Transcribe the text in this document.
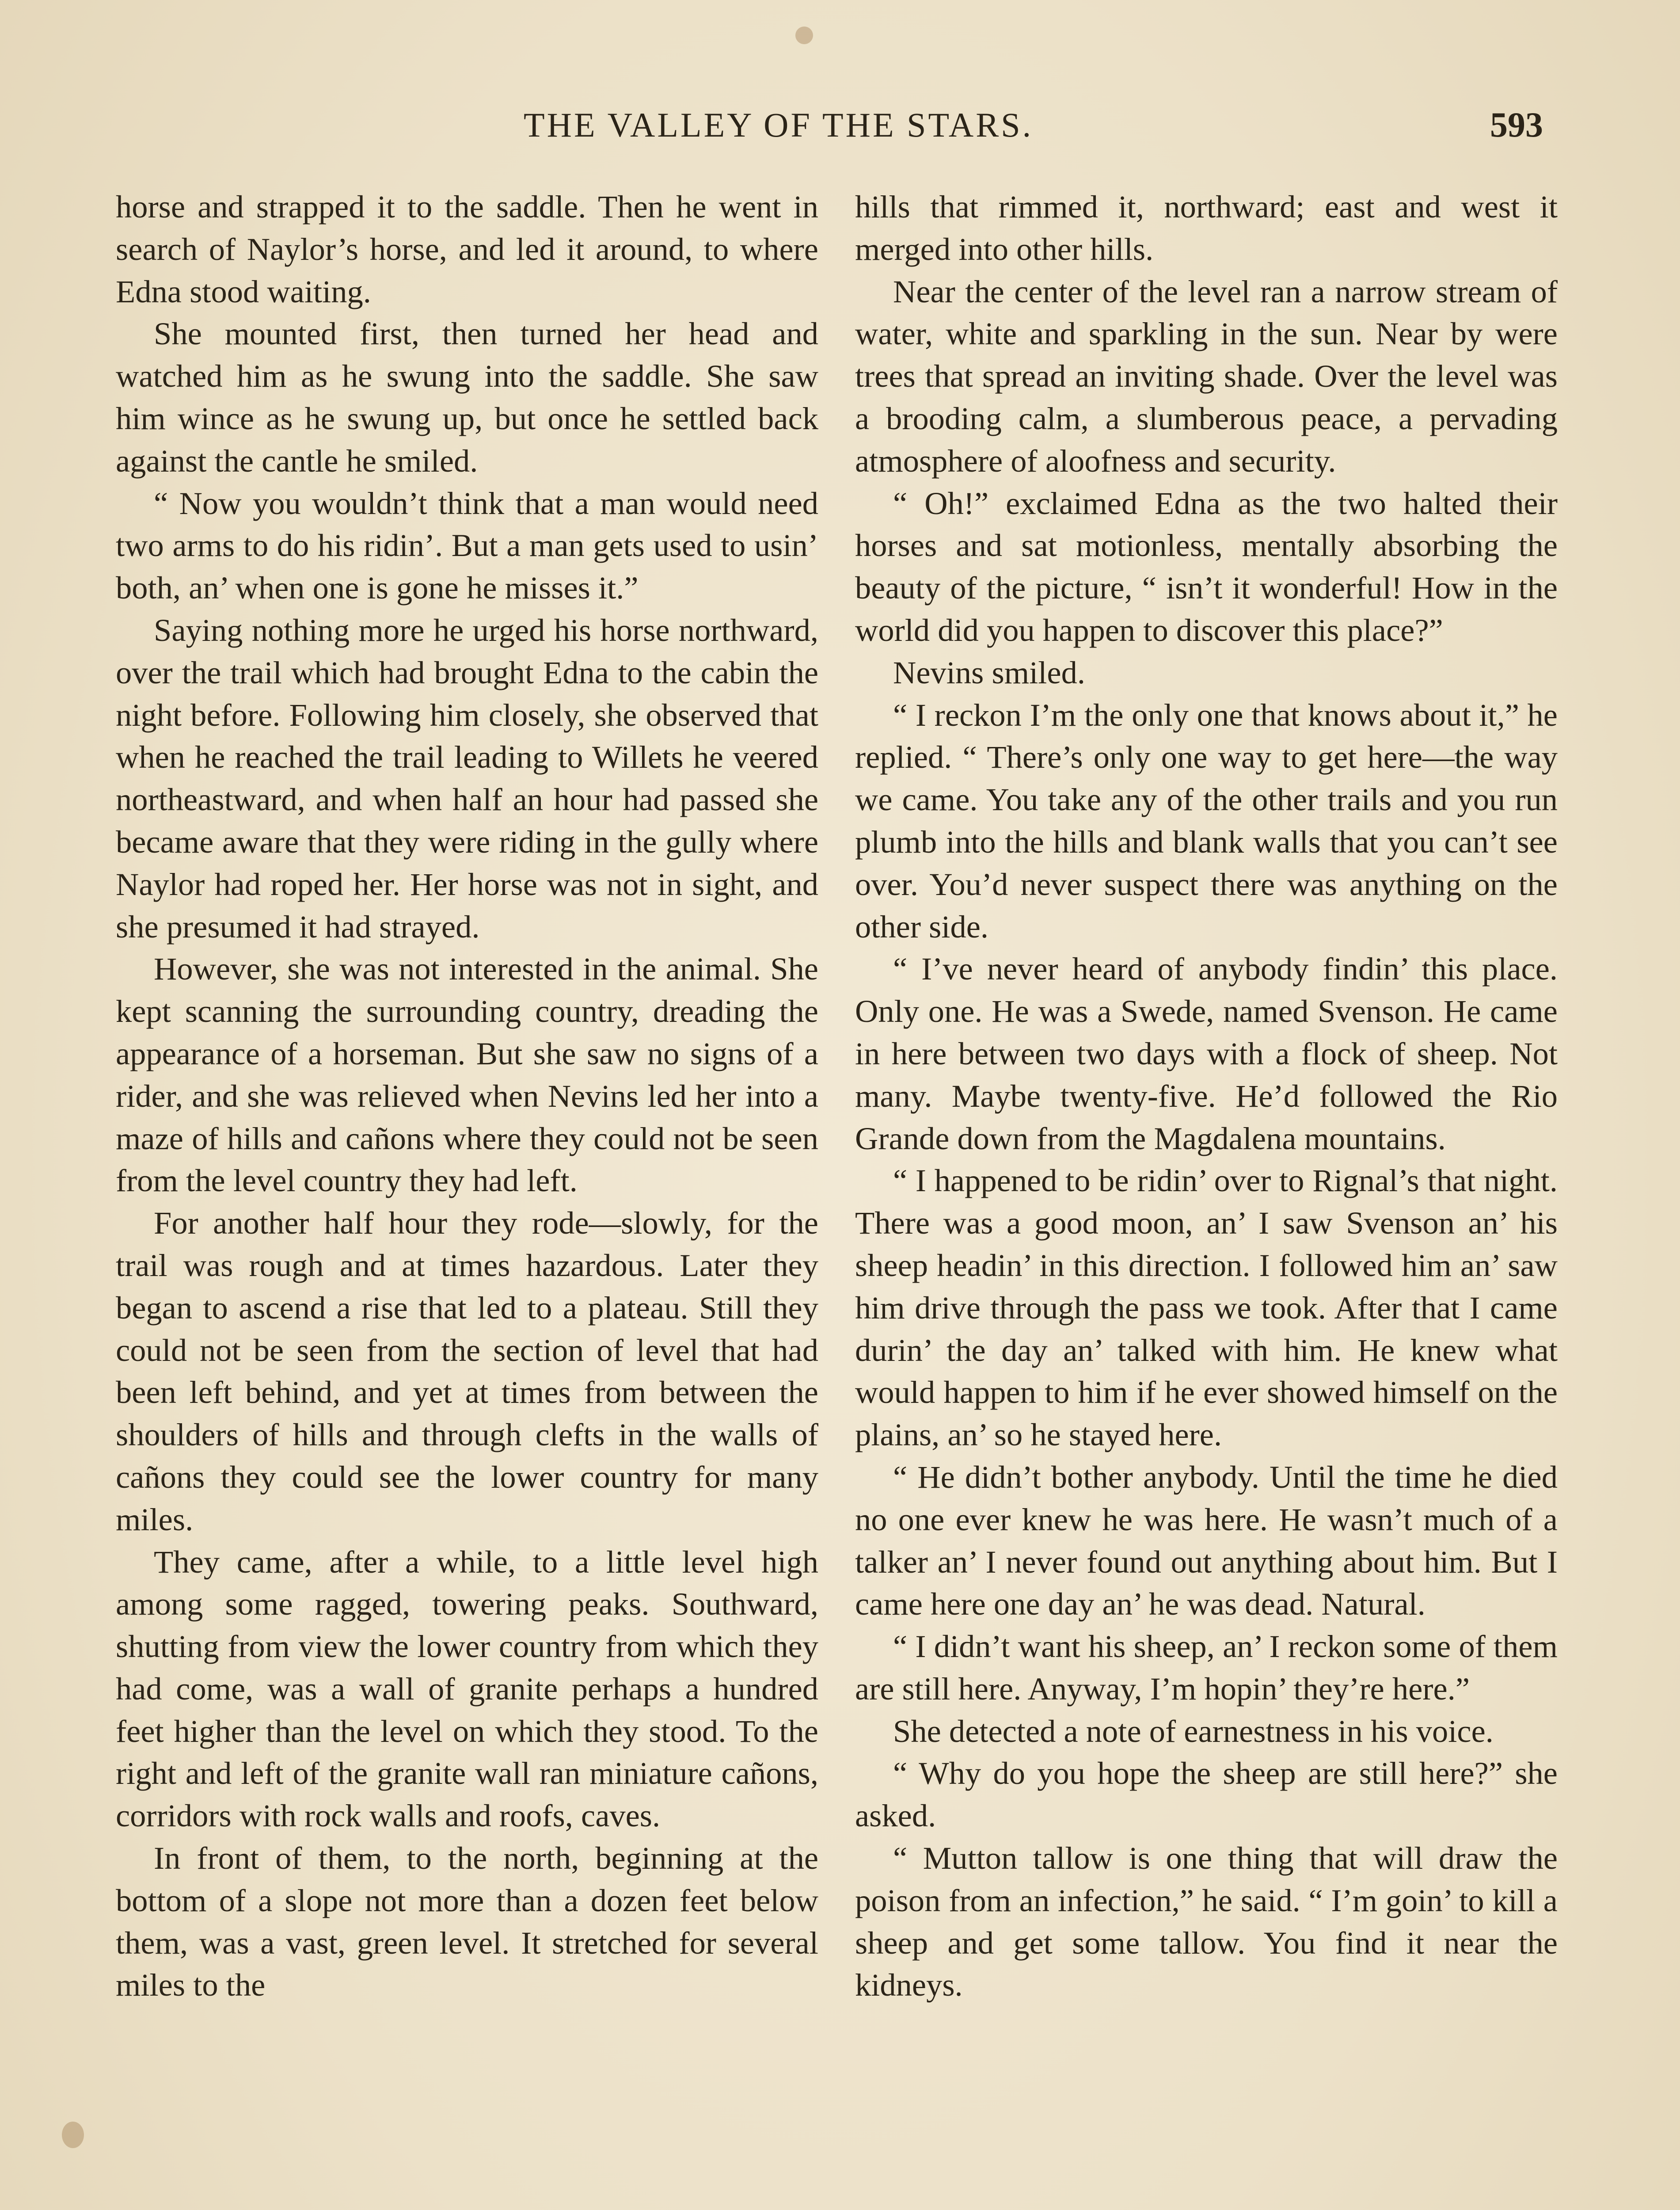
THE VALLEY OF THE STARS.	593

horse and strapped it to the saddle. Then he went in search of Naylor’s horse, and led it around, to where Edna stood waiting.

She mounted first, then turned her head and watched him as he swung into the saddle. She saw him wince as he swung up, but once he settled back against the cantle he smiled.

“ Now you wouldn’t think that a man would need two arms to do his ridin’. But a man gets used to usin’ both, an’ when one is gone he misses it.”

Saying nothing more he urged his horse northward, over the trail which had brought Edna to the cabin the night before. Following him closely, she observed that when he reached the trail leading to Willets he veered northeastward, and when half an hour had passed she became aware that they were riding in the gully where Naylor had roped her. Her horse was not in sight, and she presumed it had strayed.

However, she was not interested in the animal. She kept scanning the surrounding country, dreading the appearance of a horseman. But she saw no signs of a rider, and she was relieved when Nevins led her into a maze of hills and cañons where they could not be seen from the level country they had left.

For another half hour they rode—slowly, for the trail was rough and at times hazardous. Later they began to ascend a rise that led to a plateau. Still they could not be seen from the section of level that had been left behind, and yet at times from between the shoulders of hills and through clefts in the walls of cañons they could see the lower country for many miles.

They came, after a while, to a little level high among some ragged, towering peaks. Southward, shutting from view the lower country from which they had come, was a wall of granite perhaps a hundred feet higher than the level on which they stood. To the right and left of the granite wall ran miniature cañons, corridors with rock walls and roofs, caves.

In front of them, to the north, beginning at the bottom of a slope not more than a dozen feet below them, was a vast, green level. It stretched for several miles to the

hills that rimmed it, northward; east and west it merged into other hills.

Near the center of the level ran a narrow stream of water, white and sparkling in the sun. Near by were trees that spread an inviting shade. Over the level was a brooding calm, a slumberous peace, a pervading atmosphere of aloofness and security.

“ Oh!” exclaimed Edna as the two halted their horses and sat motionless, mentally absorbing the beauty of the picture, “ isn’t it wonderful! How in the world did you happen to discover this place?”

Nevins smiled.

“ I reckon I’m the only one that knows about it,” he replied. “ There’s only one way to get here—the way we came. You take any of the other trails and you run plumb into the hills and blank walls that you can’t see over. You’d never suspect there was anything on the other side.

“ I’ve never heard of anybody findin’ this place. Only one. He was a Swede, named Svenson. He came in here between two days with a flock of sheep. Not many. Maybe twenty-five. He’d followed the Rio Grande down from the Magdalena mountains.

“ I happened to be ridin’ over to Rignal’s that night. There was a good moon, an’ I saw Svenson an’ his sheep headin’ in this direction. I followed him an’ saw him drive through the pass we took. After that I came durin’ the day an’ talked with him. He knew what would happen to him if he ever showed himself on the plains, an’ so he stayed here.

“ He didn’t bother anybody. Until the time he died no one ever knew he was here. He wasn’t much of a talker an’ I never found out anything about him. But I came here one day an’ he was dead. Natural.

“ I didn’t want his sheep, an’ I reckon some of them are still here. Anyway, I’m hopin’ they’re here.”

She detected a note of earnestness in his voice.

“ Why do you hope the sheep are still here?” she asked.

“ Mutton tallow is one thing that will draw the poison from an infection,” he said. “ I’m goin’ to kill a sheep and get some tallow. You find it near the kidneys.
